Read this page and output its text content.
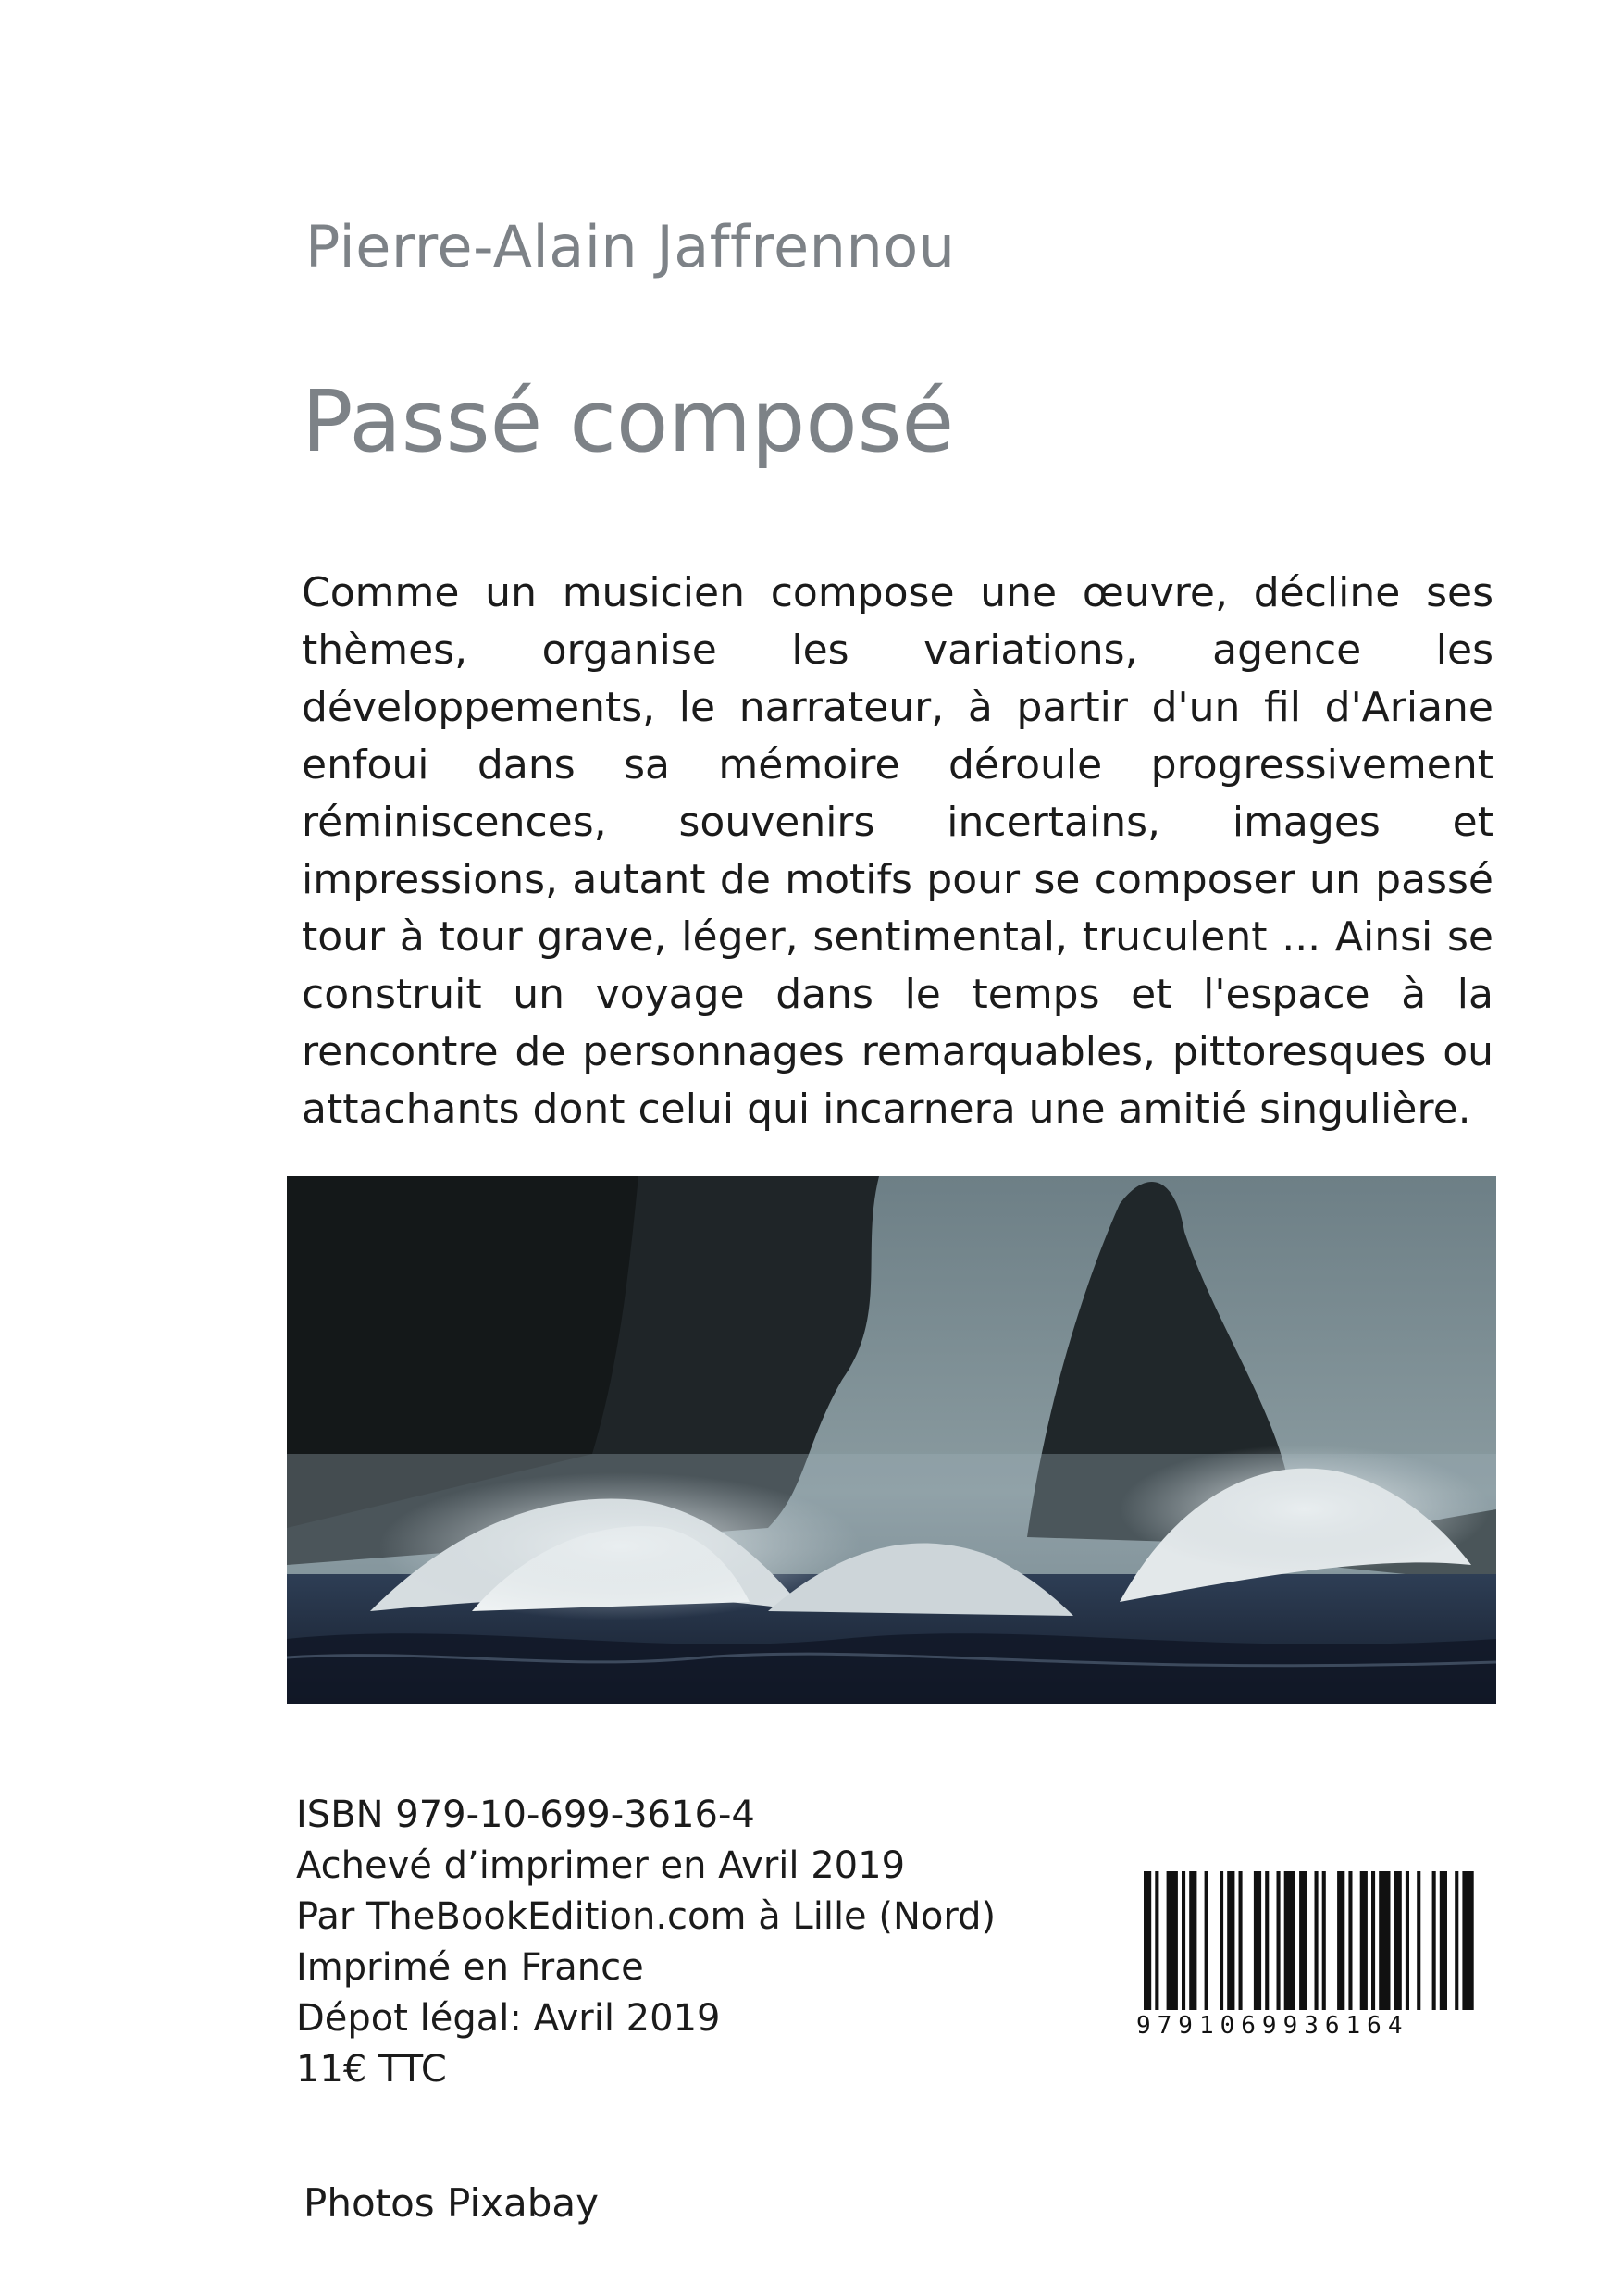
Pierre-Alain Jaffrennou
Passé composé

Comme un musicien compose une œuvre, décline ses thèmes, organise les variations, agence les développements, le narrateur, à partir d'un fil d'Ariane enfoui dans sa mémoire déroule progressivement réminiscences, souvenirs incertains, images et impressions, autant de motifs pour se composer un passé tour à tour grave, léger, sentimental, truculent ... Ainsi se construit un voyage dans le temps et l'espace à la rencontre de personnages remarquables, pittoresques ou attachants dont celui qui incarnera une amitié singulière.

ISBN 979-10-699-3616-4
Achevé d’imprimer en Avril 2019
Par TheBookEdition.com à Lille (Nord)
Imprimé en France
Dépot légal: Avril 2019
11€ TTC
9791069936164
Photos Pixabay
